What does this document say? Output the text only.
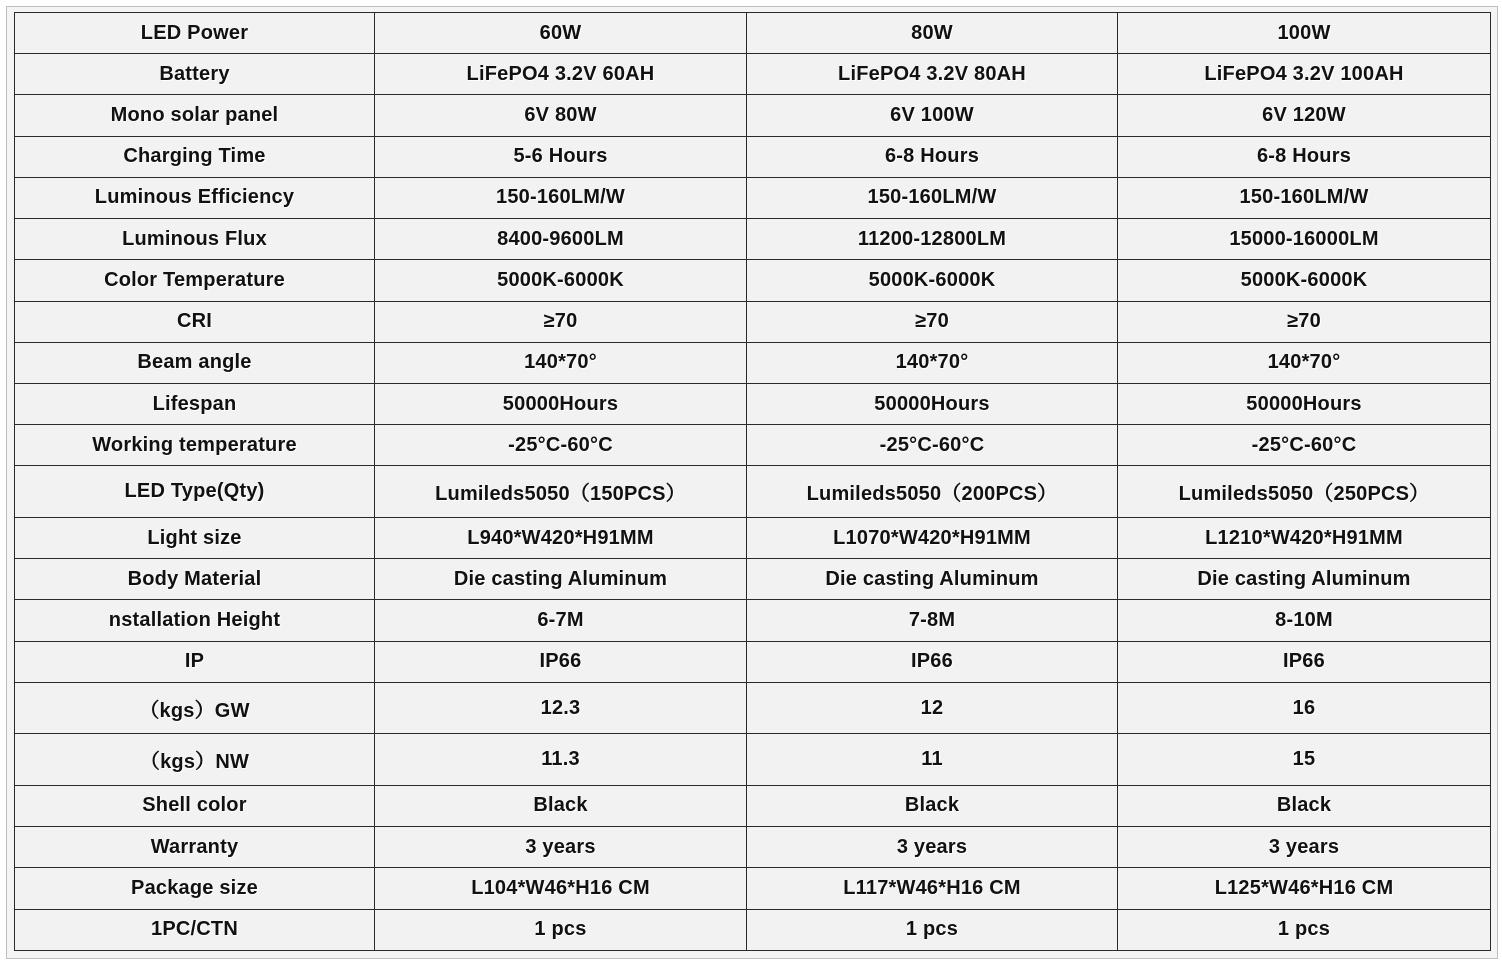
LED Power	60W	80W	100W
Battery	LiFePO4 3.2V 60AH	LiFePO4 3.2V 80AH	LiFePO4 3.2V 100AH
Mono solar panel	6V 80W	6V 100W	6V 120W
Charging Time	5-6 Hours	6-8 Hours	6-8 Hours
Luminous Efficiency	150-160LM/W	150-160LM/W	150-160LM/W
Luminous Flux	8400-9600LM	11200-12800LM	15000-16000LM
Color Temperature	5000K-6000K	5000K-6000K	5000K-6000K
CRI	≥70	≥70	≥70
Beam angle	140*70°	140*70°	140*70°
Lifespan	50000Hours	50000Hours	50000Hours
Working temperature	-25°C-60°C	-25°C-60°C	-25°C-60°C
LED Type(Qty)	Lumileds5050（150PCS）	Lumileds5050（200PCS）	Lumileds5050（250PCS）
Light size	L940*W420*H91MM	L1070*W420*H91MM	L1210*W420*H91MM
Body Material	Die casting Aluminum	Die casting Aluminum	Die casting Aluminum
nstallation Height	6-7M	7-8M	8-10M
IP	IP66	IP66	IP66
（kgs）GW	12.3	12	16
（kgs）NW	11.3	11	15
Shell color	Black	Black	Black
Warranty	3 years	3 years	3 years
Package size	L104*W46*H16 CM	L117*W46*H16 CM	L125*W46*H16 CM
1PC/CTN	1 pcs	1 pcs	1 pcs
